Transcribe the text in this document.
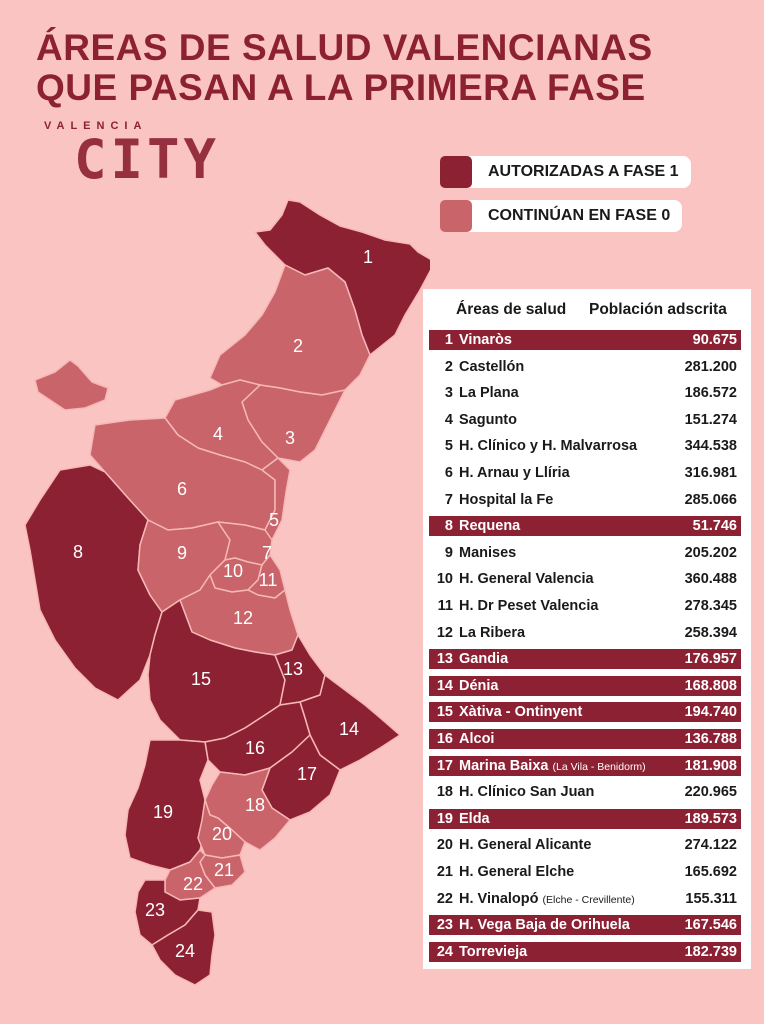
ÁREAS DE SALUD VALENCIANAS
QUE PASAN A LA PRIMERA FASE
VALENCIA
CITY	AUTORIZADAS A FASE 1
CONTINÚAN EN FASE 0
1
2
3
4
5
6
7
8	9
10 11
12
13
14
15
16
17
18
19
20
21
22
23
24
Áreas de salud Población adscrita
1 Vinaròs	90.675
2 Castellón	281.200
3 La Plana	186.572
4 Sagunto	151.274
5 H. Clínico y H. Malvarrosa	344.538
6 H. Arnau y Llíria	316.981
7 Hospital la Fe	285.066
8 Requena	51.746
9 Manises	205.202
10 H. General Valencia	360.488
11 H. Dr Peset Valencia	278.345
12 La Ribera	258.394
13 Gandia	176.957
14 Dénia	168.808
15 Xàtiva - Ontinyent	194.740
16 Alcoi	136.788
17 Marina Baixa (La Vila - Benidorm)	181.908
18 H. Clínico San Juan	220.965
19 Elda	189.573
20 H. General Alicante	274.122
21 H. General Elche	165.692
22 H. Vinalopó (Elche - Crevillente)	155.311
23 H. Vega Baja de Orihuela	167.546
24 Torrevieja	182.739
